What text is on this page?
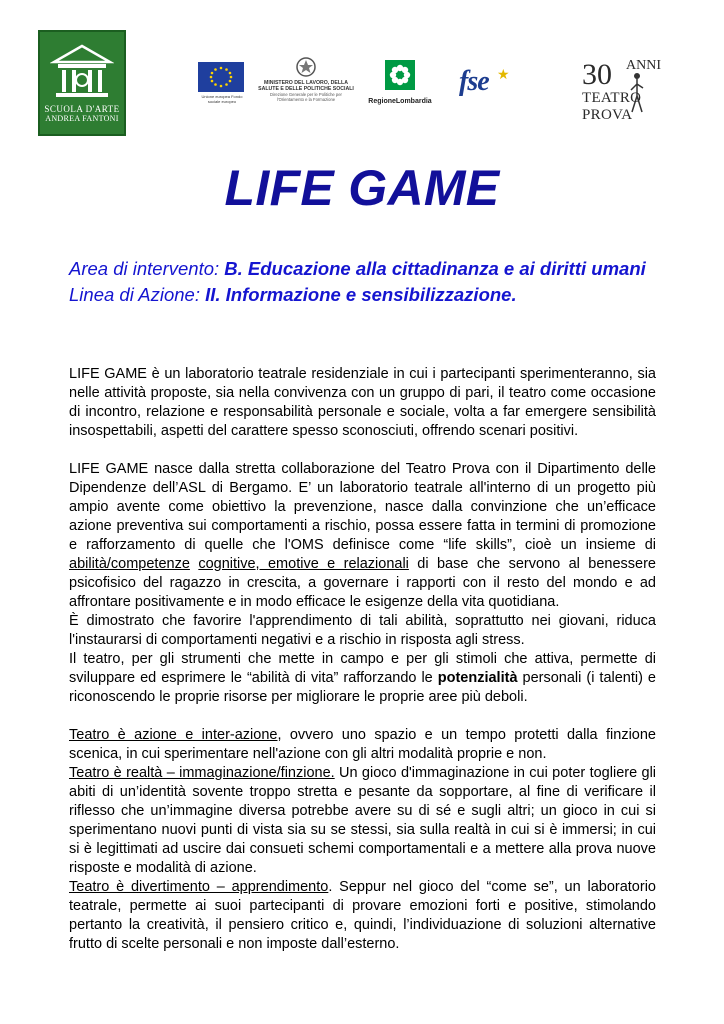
SCUOLA D'ARTE
ANDREA FANTONI
Unione europea Fondo sociale europeo
MINISTERO DEL LAVORO, DELLA SALUTE E DELLE POLITICHE SOCIALI
Direzione Generale per le Politiche per l'Orientamento e la Formazione	RegioneLombardia
fse ★ 30 ANNI
TEATRO PROVA
LIFE GAME
Area di intervento: B. Educazione alla cittadinanza e ai diritti umani
Linea di Azione: II. Informazione e sensibilizzazione.

LIFE GAME è un laboratorio teatrale residenziale in cui i partecipanti sperimenteranno, sia nelle attività proposte, sia nella convivenza con un gruppo di pari, il teatro come occasione di incontro, relazione e responsabilità personale e sociale, volta a far emergere sensibilità insospettabili, aspetti del carattere spesso sconosciuti, offrendo scenari positivi.

LIFE GAME nasce dalla stretta collaborazione del Teatro Prova con il Dipartimento delle Dipendenze dell’ASL di Bergamo. E’ un laboratorio teatrale all'interno di un progetto più ampio avente come obiettivo la prevenzione, nasce dalla convinzione che un’efficace azione preventiva sui comportamenti a rischio, possa essere fatta in termini di promozione e rafforzamento di quelle che l'OMS definisce come “life skills”, cioè un insieme di abilità/competenze cognitive, emotive e relazionali di base che servono al benessere psicofisico del ragazzo in crescita, a governare i rapporti con il resto del mondo e ad affrontare positivamente e in modo efficace le esigenze della vita quotidiana.

È dimostrato che favorire l'apprendimento di tali abilità, soprattutto nei giovani, riduca l'instaurarsi di comportamenti negativi e a rischio in risposta agli stress.

Il teatro, per gli strumenti che mette in campo e per gli stimoli che attiva, permette di sviluppare ed esprimere le “abilità di vita” rafforzando le potenzialità personali (i talenti) e riconoscendo le proprie risorse per migliorare le proprie aree più deboli.

Teatro è azione e inter-azione, ovvero uno spazio e un tempo protetti dalla finzione scenica, in cui sperimentare nell'azione con gli altri modalità proprie e non.

Teatro è realtà – immaginazione/finzione. Un gioco d'immaginazione in cui poter togliere gli abiti di un’identità sovente troppo stretta e pesante da sopportare, al fine di verificare il riflesso che un’immagine diversa potrebbe avere su di sé e sugli altri; un gioco in cui si sperimentano nuovi punti di vista sia su se stessi, sia sulla realtà in cui si è immersi; in cui si è legittimati ad uscire dai consueti schemi comportamentali e a mettere alla prova nuove risposte e modalità di azione.

Teatro è divertimento – apprendimento. Seppur nel gioco del “come se”, un laboratorio teatrale, permette ai suoi partecipanti di provare emozioni forti e positive, stimolando pertanto la creatività, il pensiero critico e, quindi, l’individuazione di soluzioni alternative frutto di scelte personali e non imposte dall’esterno.
